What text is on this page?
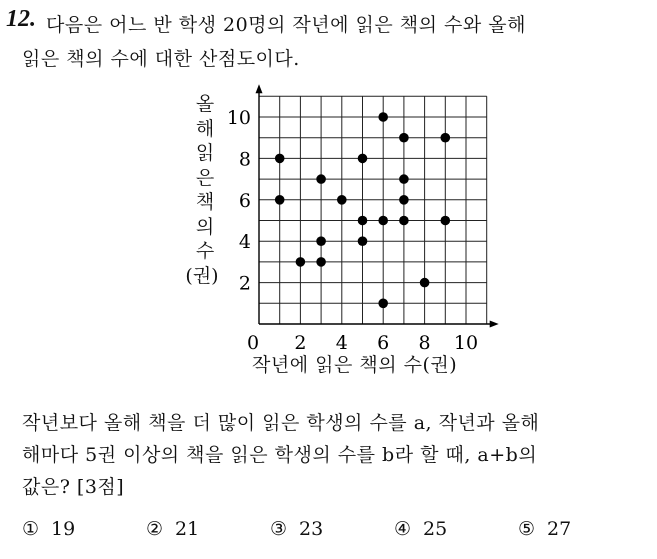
12. 다음은 어느 반 학생 20명의 작년에 읽은 책의 수와 올해
읽은 책의 수에 대한 산점도이다.
올
해
읽
은
책
의
수
(권)
0 2 4 6 8 10
2
4
6
8
10
작년에 읽은 책의 수(권)
작년보다 올해 책을 더 많이 읽은 학생의 수를 a, 작년과 올해
해마다 5권 이상의 책을 읽은 학생의 수를 b라 할 때, a+b의
값은? [3점]
① 19	② 21	③ 23	④ 25	⑤ 27
